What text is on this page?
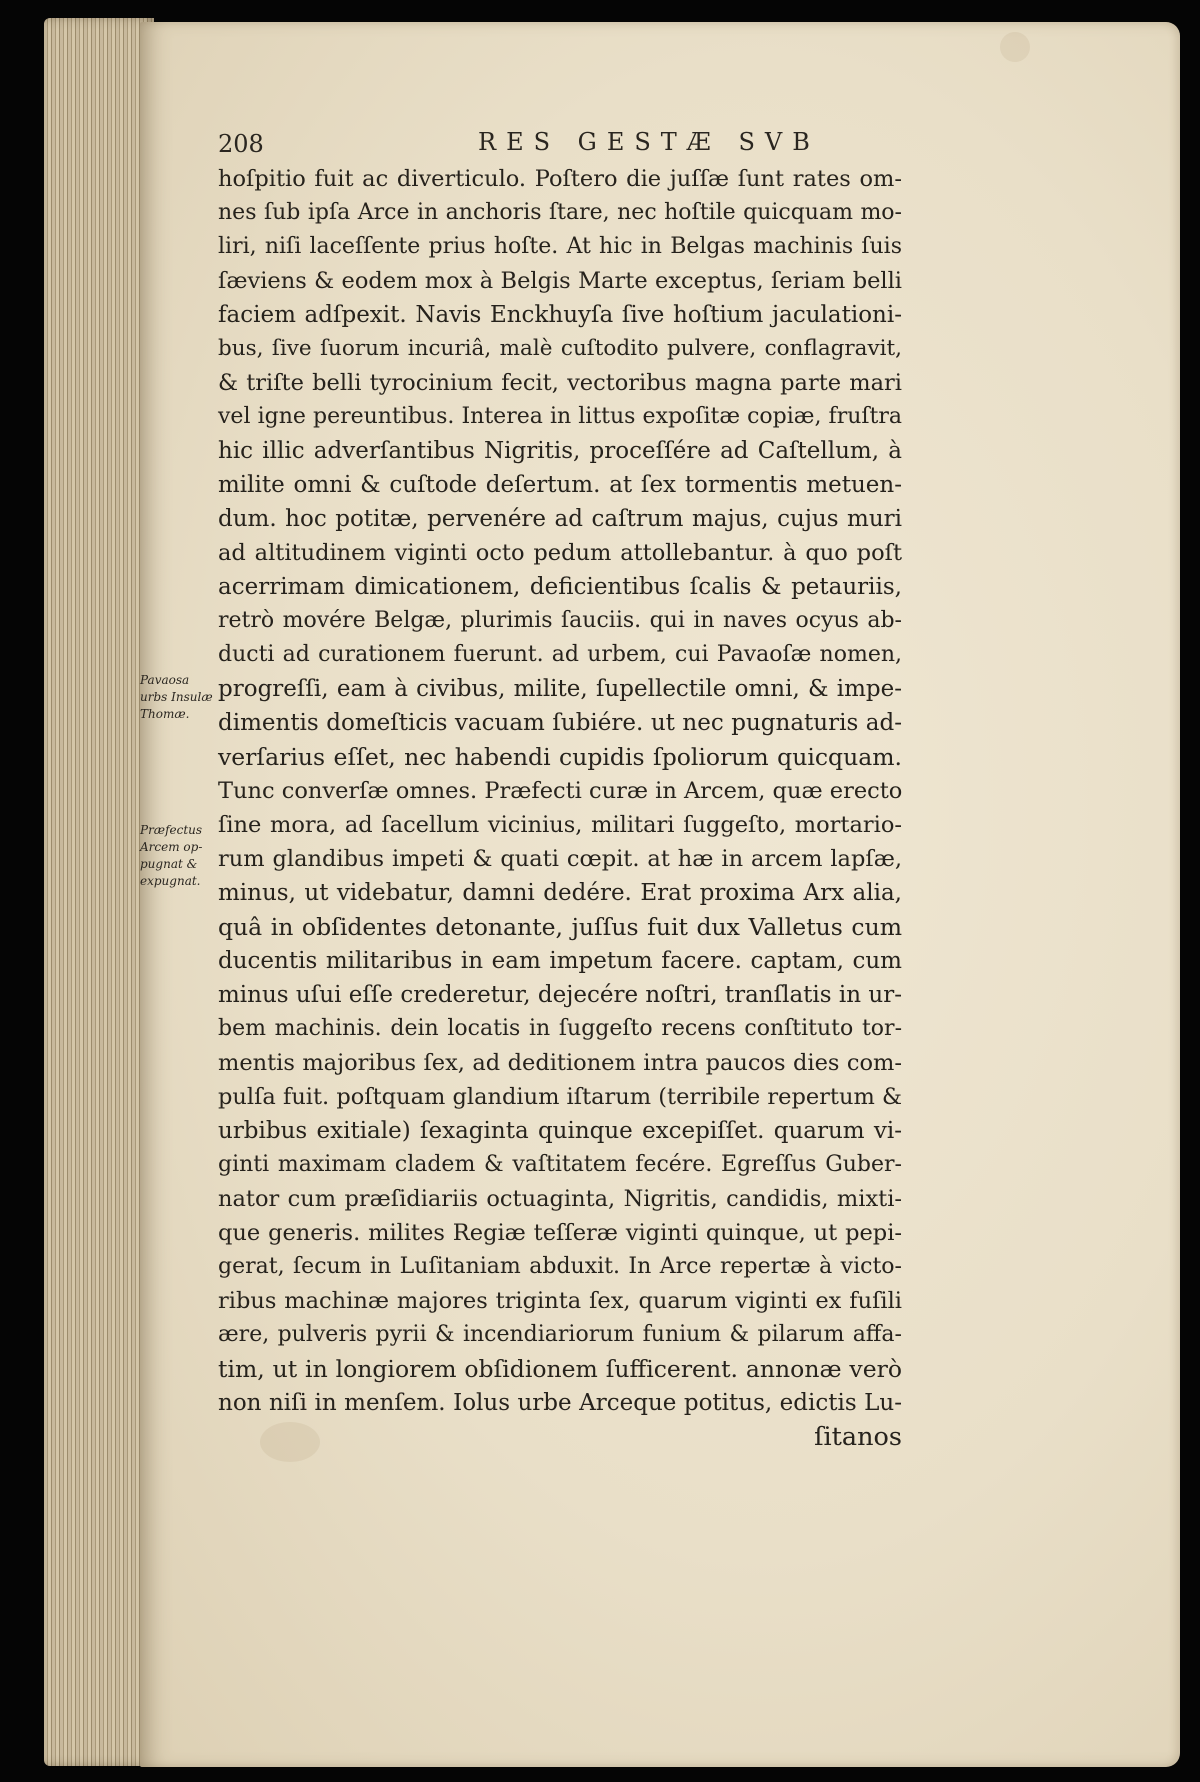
208	RES GESTÆ SVB
Pavaosa
urbs Insulæ
Thomæ.
Præfectus
Arcem op-
pugnat &
expugnat.
hoſpitio fuit ac diverticulo. Poſtero die juſſæ ſunt rates om-
nes ſub ipſa Arce in anchoris ſtare, nec hoſtile quicquam mo-
liri, niſi laceſſente prius hoſte. At hic in Belgas machinis ſuis
ſæviens & eodem mox à Belgis Marte exceptus, ſeriam belli
faciem adſpexit. Navis Enckhuyſa ſive hoſtium jaculationi-
bus, ſive ſuorum incuriâ, malè cuſtodito pulvere, conflagravit,
& triſte belli tyrocinium fecit, vectoribus magna parte mari
vel igne pereuntibus. Interea in littus expoſitæ copiæ, fruſtra
hic illic adverſantibus Nigritis, proceſſére ad Caſtellum, à
milite omni & cuſtode deſertum. at ſex tormentis metuen-
dum. hoc potitæ, pervenére ad caſtrum majus, cujus muri
ad altitudinem viginti octo pedum attollebantur. à quo poſt
acerrimam dimicationem, deficientibus ſcalis & petauriis,
retrò movére Belgæ, plurimis ſauciis. qui in naves ocyus ab-
ducti ad curationem fuerunt. ad urbem, cui Pavaoſæ nomen,
progreſſi, eam à civibus, milite, ſupellectile omni, & impe-
dimentis domeſticis vacuam ſubiére. ut nec pugnaturis ad-
verſarius eſſet, nec habendi cupidis ſpoliorum quicquam.
Tunc converſæ omnes. Præfecti curæ in Arcem, quæ erecto
ſine mora, ad ſacellum vicinius, militari ſuggeſto, mortario-
rum glandibus impeti & quati cœpit. at hæ in arcem lapſæ,
minus, ut videbatur, damni dedére. Erat proxima Arx alia,
quâ in obſidentes detonante, juſſus fuit dux Valletus cum
ducentis militaribus in eam impetum facere. captam, cum
minus uſui eſſe crederetur, dejecére noſtri, tranſlatis in ur-
bem machinis. dein locatis in ſuggeſto recens conſtituto tor-
mentis majoribus ſex, ad deditionem intra paucos dies com-
pulſa fuit. poſtquam glandium iſtarum (terribile repertum &
urbibus exitiale) ſexaginta quinque excepiſſet. quarum vi-
ginti maximam cladem & vaſtitatem fecére. Egreſſus Guber-
nator cum præſidiariis octuaginta, Nigritis, candidis, mixti-
que generis. milites Regiæ teſſeræ viginti quinque, ut pepi-
gerat, ſecum in Luſitaniam abduxit. In Arce repertæ à victo-
ribus machinæ majores triginta ſex, quarum viginti ex fuſili
ære, pulveris pyrii & incendiariorum funium & pilarum affa-
tim, ut in longiorem obſidionem ſufficerent. annonæ verò
non niſi in menſem. Iolus urbe Arceque potitus, edictis Lu-
ſitanos
